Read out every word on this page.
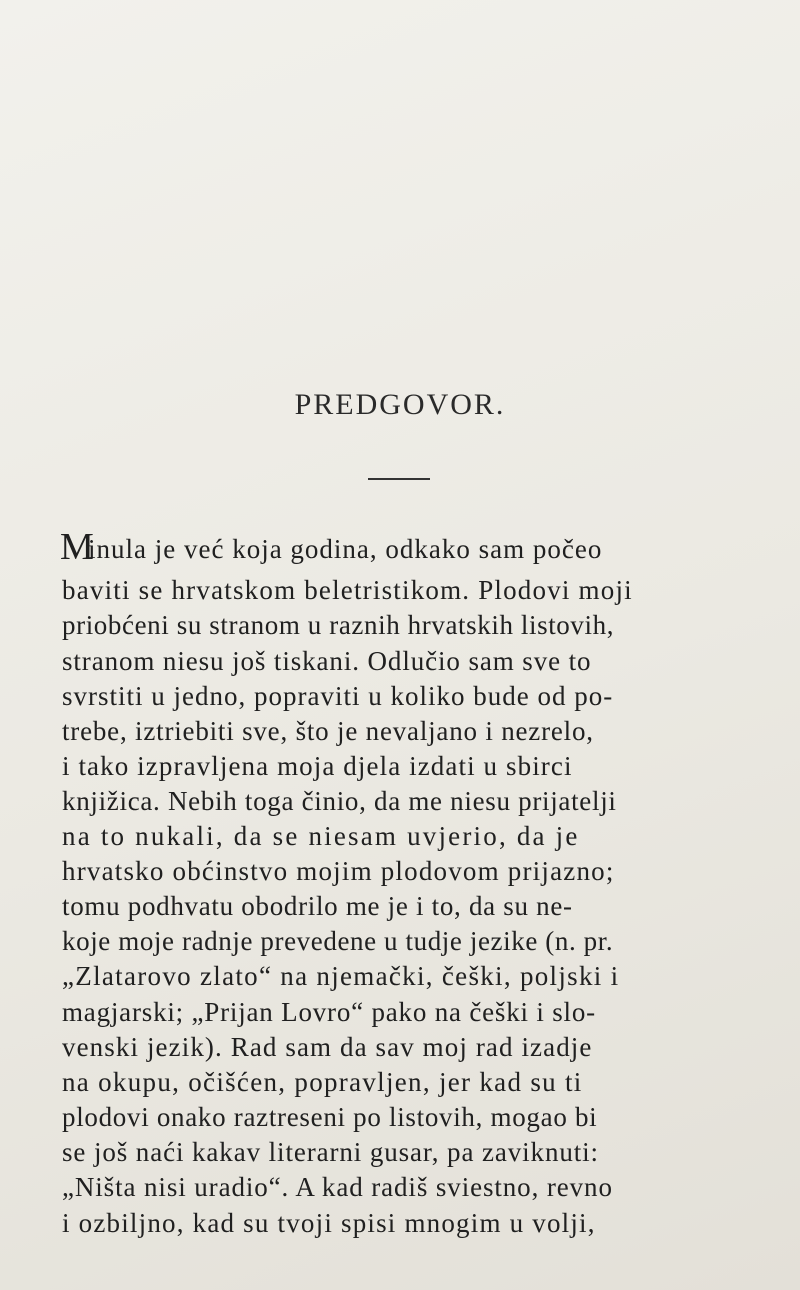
PREDGOVOR.
M
inula je već koja godina, odkako sam počeo
baviti se hrvatskom beletristikom. Plodovi moji
priobćeni su stranom u raznih hrvatskih listovih,
stranom niesu još tiskani. Odlučio sam sve to
svrstiti u jedno, popraviti u koliko bude od po-
trebe, iztriebiti sve, što je nevaljano i nezrelo,
i tako izpravljena moja djela izdati u sbirci
knjižica. Nebih toga činio, da me niesu prijatelji
na to nukali, da se niesam uvjerio, da je
hrvatsko obćinstvo mojim plodovom prijazno;
tomu podhvatu obodrilo me je i to, da su ne-
koje moje radnje prevedene u tudje jezike (n. pr.
„Zlatarovo zlato“ na njemački, češki, poljski i
magjarski; „Prijan Lovro“ pako na češki i slo-
venski jezik). Rad sam da sav moj rad izadje
na okupu, očišćen, popravljen, jer kad su ti
plodovi onako raztreseni po listovih, mogao bi
se još naći kakav literarni gusar, pa zaviknuti:
„Ništa nisi uradio“. A kad radiš sviestno, revno
i ozbiljno, kad su tvoji spisi mnogim u volji,
